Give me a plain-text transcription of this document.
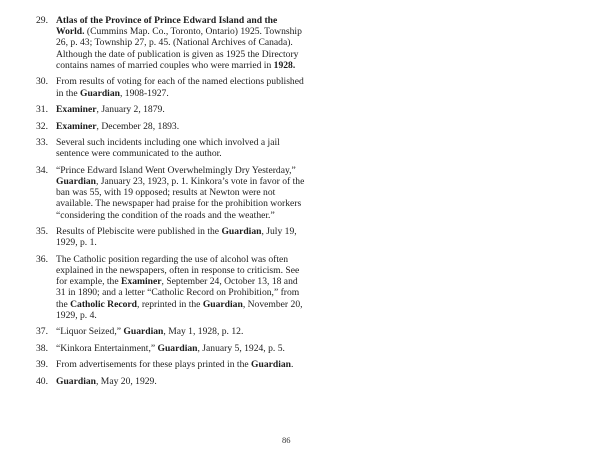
29. Atlas of the Province of Prince Edward Island and the World. (Cummins Map. Co., Toronto, Ontario) 1925. Township 26, p. 43; Township 27, p. 45. (National Archives of Canada). Although the date of publication is given as 1925 the Directory contains names of married couples who were married in 1928.
30. From results of voting for each of the named elections published in the Guardian, 1908-1927.
31. Examiner, January 2, 1879.
32. Examiner, December 28, 1893.
33. Several such incidents including one which involved a jail sentence were communicated to the author.
34. “Prince Edward Island Went Overwhelmingly Dry Yesterday,” Guardian, January 23, 1923, p. 1. Kinkora’s vote in favor of the ban was 55, with 19 opposed; results at Newton were not available. The newspaper had praise for the prohibition workers “considering the condition of the roads and the weather.”
35. Results of Plebiscite were published in the Guardian, July 19, 1929, p. 1.
36. The Catholic position regarding the use of alcohol was often explained in the newspapers, often in response to criticism. See for example, the Examiner, September 24, October 13, 18 and 31 in 1890; and a letter “Catholic Record on Prohibition,” from the Catholic Record, reprinted in the Guardian, November 20, 1929, p. 4.
37. “Liquor Seized,” Guardian, May 1, 1928, p. 12.
38. “Kinkora Entertainment,” Guardian, January 5, 1924, p. 5.
39. From advertisements for these plays printed in the Guardian.
40. Guardian, May 20, 1929.
86
